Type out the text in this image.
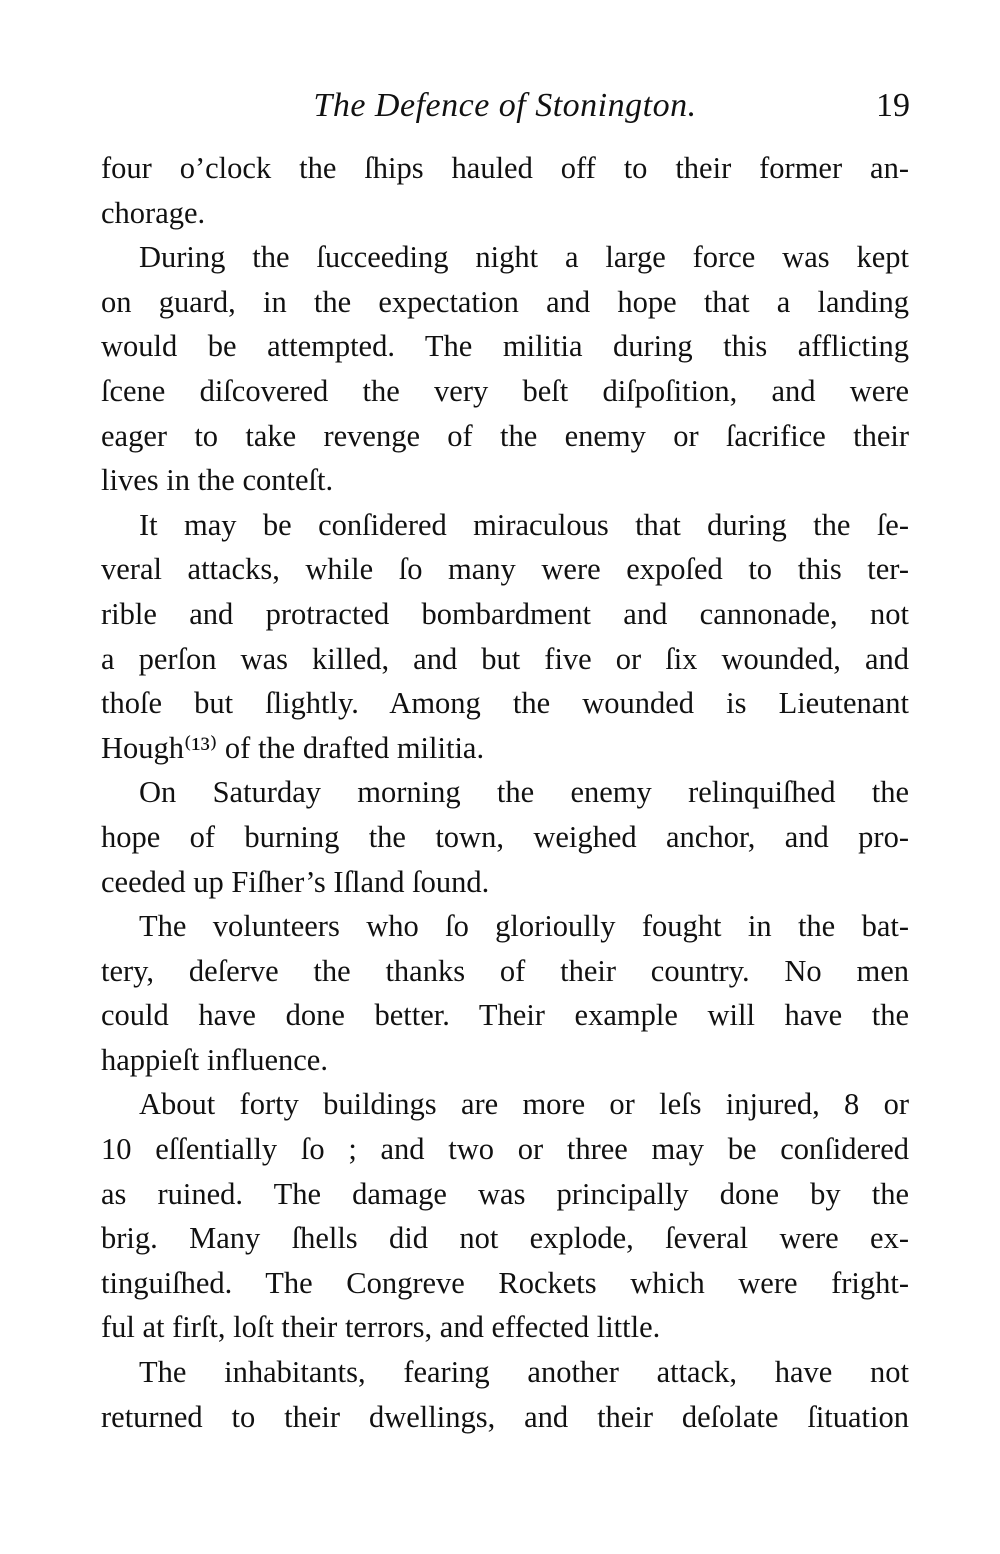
The Defence of Stonington.	19
four o’clock the ſhips hauled off to their former an-
chorage.
During the ſucceeding night a large force was kept
on guard, in the expectation and hope that a landing
would be attempted. The militia during this afflicting
ſcene diſcovered the very beſt diſpoſition, and were
eager to take revenge of the enemy or ſacrifice their
lives in the conteſt.
It may be conſidered miraculous that during the ſe-
veral attacks, while ſo many were expoſed to this ter-
rible and protracted bombardment and cannonade, not
a perſon was killed, and but five or ſix wounded, and
thoſe but ſlightly. Among the wounded is Lieutenant
Hough⁽¹³⁾ of the drafted militia.
On Saturday morning the enemy relinquiſhed the
hope of burning the town, weighed anchor, and pro-
ceeded up Fiſher’s Iſland ſound.
The volunteers who ſo glorioully fought in the bat-
tery, deſerve the thanks of their country. No men
could have done better. Their example will have the
happieſt influence.
About forty buildings are more or leſs injured, 8 or
10 eſſentially ſo ; and two or three may be conſidered
as ruined. The damage was principally done by the
brig. Many ſhells did not explode, ſeveral were ex-
tinguiſhed. The Congreve Rockets which were fright-
ful at firſt, loſt their terrors, and effected little.
The inhabitants, fearing another attack, have not
returned to their dwellings, and their deſolate ſituation
